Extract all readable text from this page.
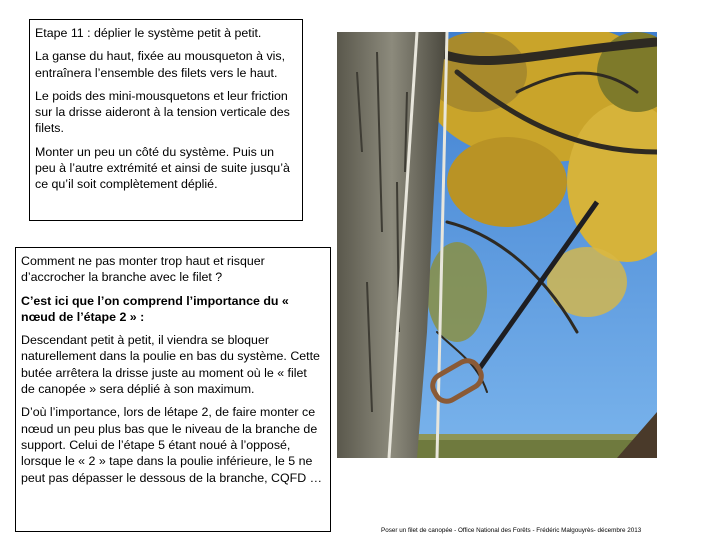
Etape 11 : déplier le système petit à petit.

La ganse du haut, fixée au mousqueton à vis, entraînera l’ensemble des filets vers le haut.

Le poids des mini-mousquetons et leur friction sur la drisse aideront à la tension verticale des filets.

Monter un peu un côté du système. Puis un peu à l’autre extrémité et ainsi de suite jusqu’à ce qu’il soit complètement déplié.

Comment ne pas monter trop haut et risquer d’accrocher la branche avec le filet ?

C’est ici que l’on comprend l’importance du « nœud de l’étape 2 » :

Descendant petit à petit, il viendra se bloquer naturellement dans la poulie en bas du système. Cette butée arrêtera la drisse juste au moment où le « filet de canopée » sera déplié à son maximum.

D’où l’importance, lors de létape 2, de faire monter ce nœud un peu plus bas que le niveau de la branche de support. Celui de l’étape 5 étant noué à l’opposé, lorsque le « 2 » tape dans la poulie inférieure, le 5 ne peut pas dépasser le dessous de la branche, CQFD …

Poser un filet de canopée - Office National des Forêts - Frédéric Malgouyrès- décembre 2013
